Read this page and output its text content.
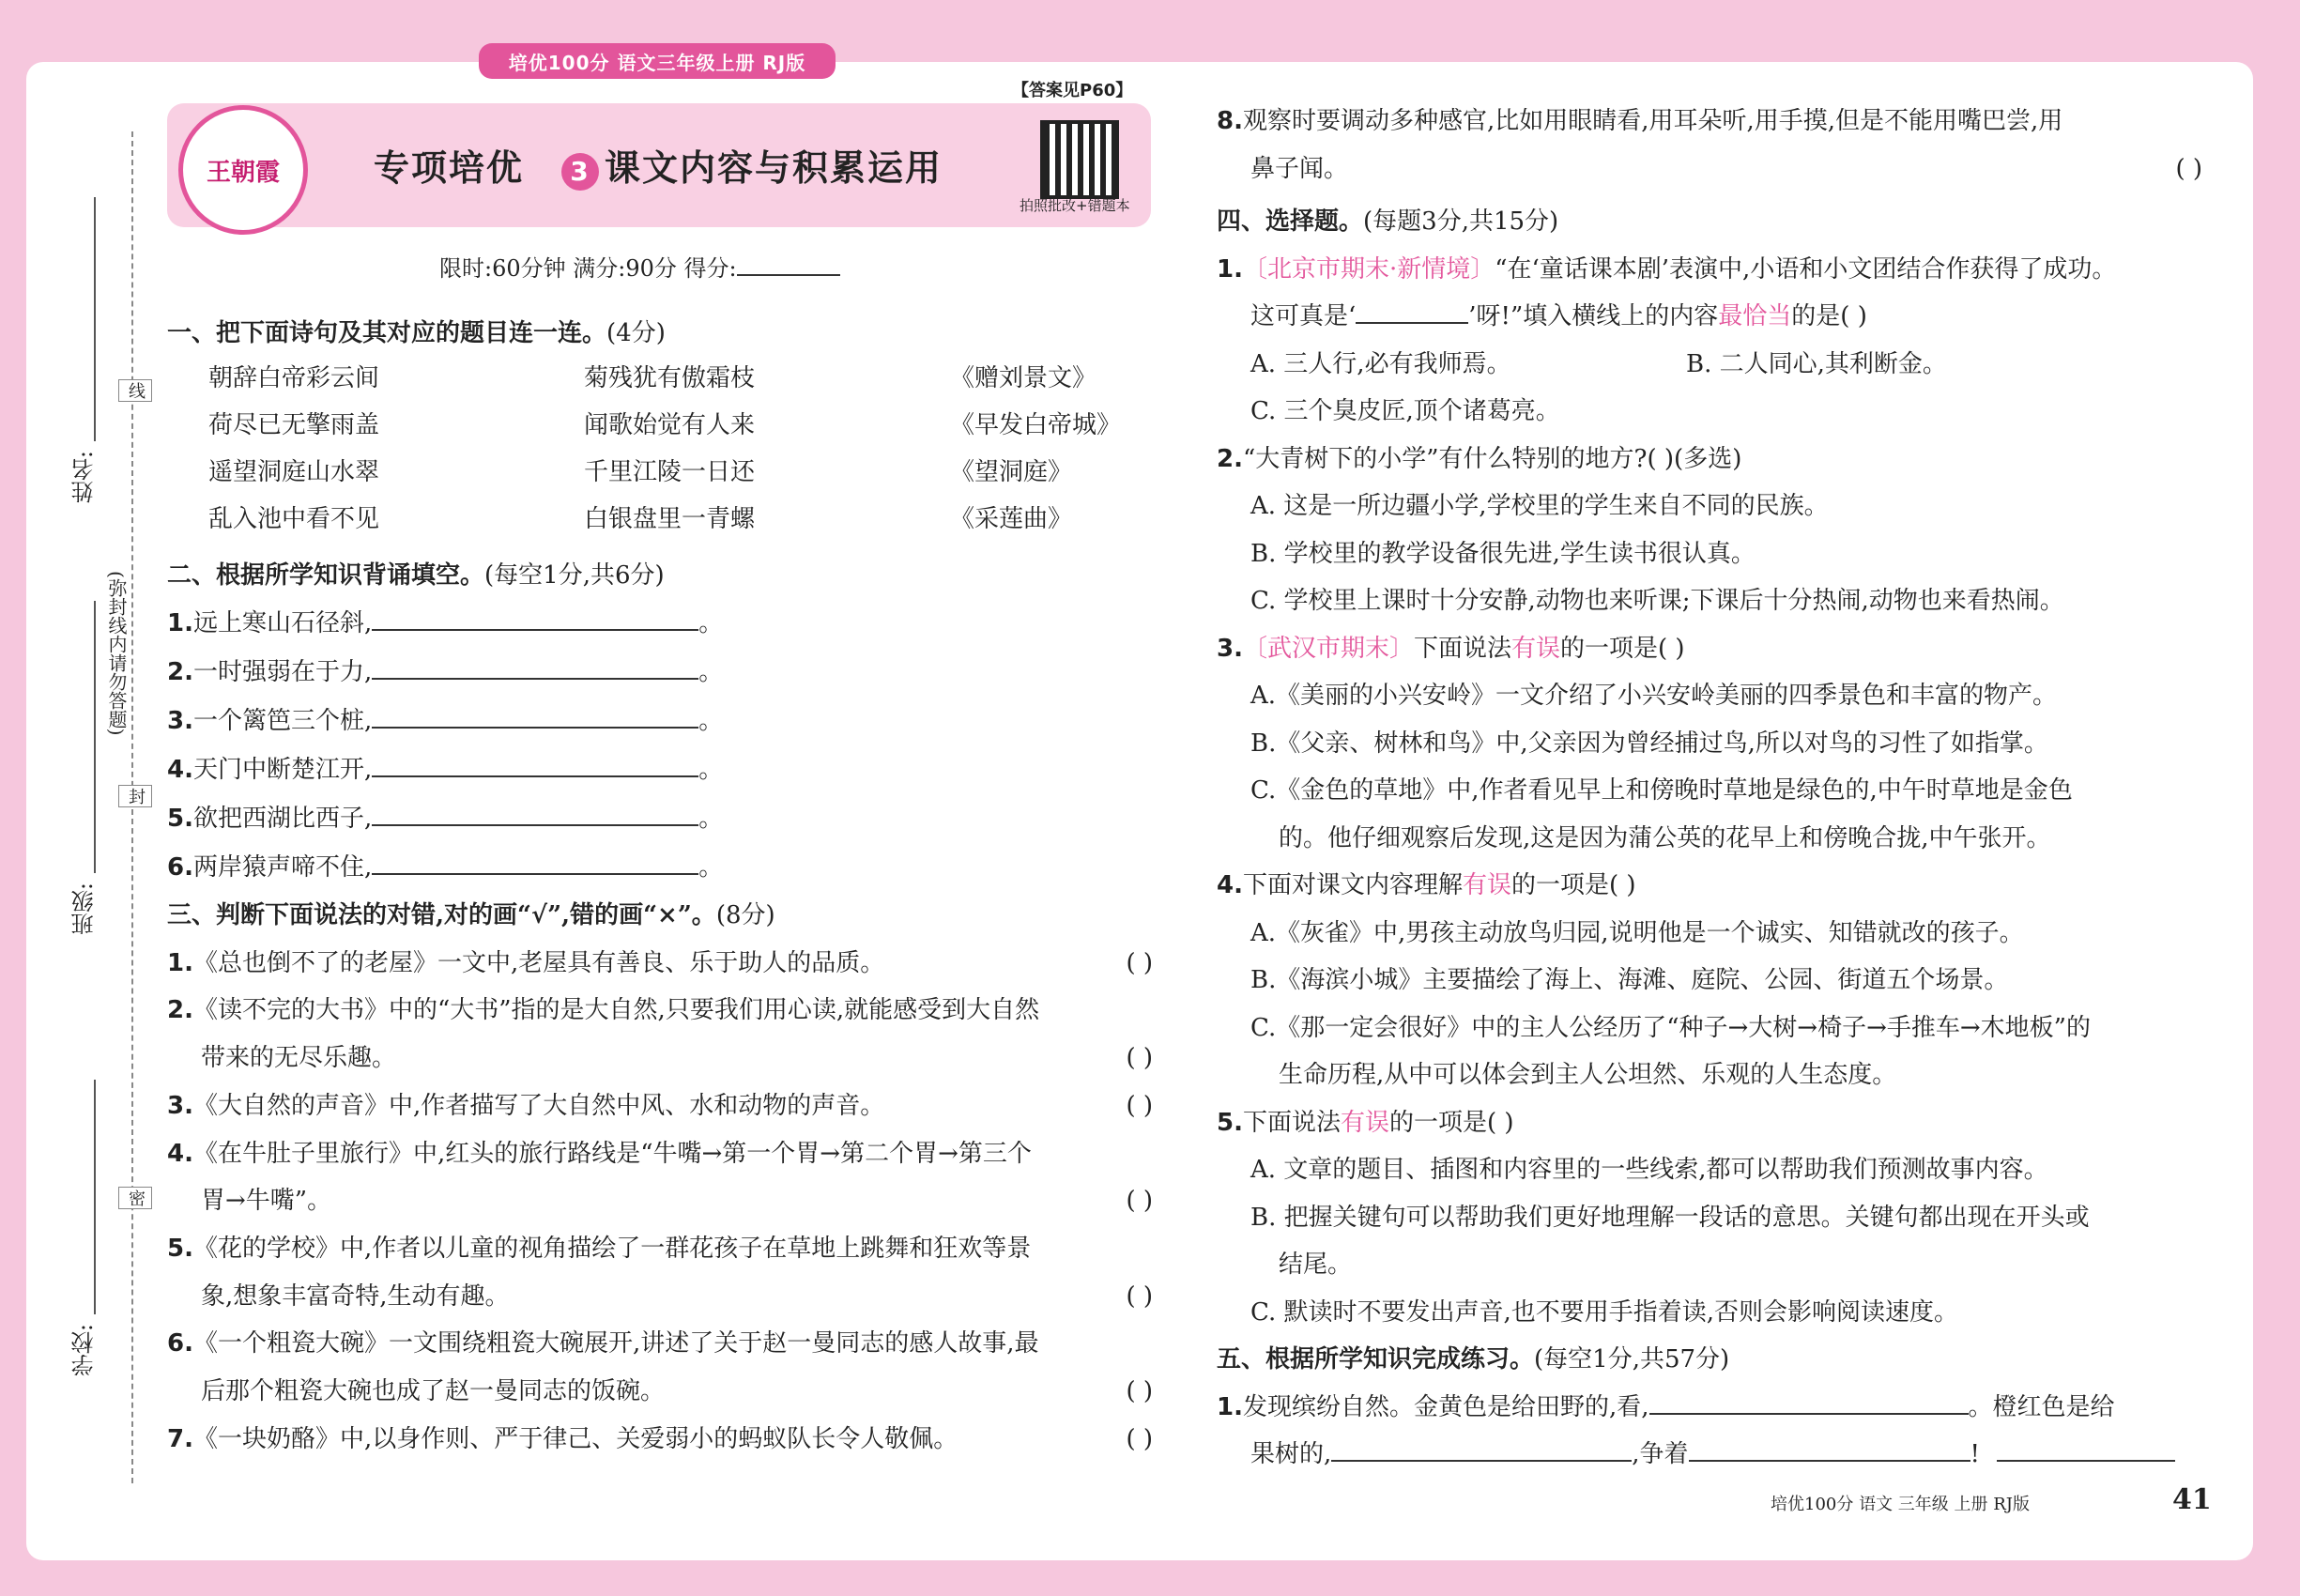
培优100分 语文三年级上册 RJ版
【答案见P60】
王朝霞	专项培优 3 课文内容与积累运用
拍照批改+错题本
限时:60分钟 满分:90分 得分:
姓名:
班级:
学校:
线
封
密
(弥封线内请勿答题)

一、把下面诗句及其对应的题目连一连。(4分)

朝辞白帝彩云间	菊残犹有傲霜枝	《赠刘景文》
荷尽已无擎雨盖	闻歌始觉有人来	《早发白帝城》
遥望洞庭山水翠	千里江陵一日还	《望洞庭》
乱入池中看不见	白银盘里一青螺	《采莲曲》

二、根据所学知识背诵填空。(每空1分,共6分)

1.远上寒山石径斜,	。

2.一时强弱在于力,	。

3.一个篱笆三个桩,	。

4.天门中断楚江开,	。

5.欲把西湖比西子,	。

6.两岸猿声啼不住,	。

三、判断下面说法的对错,对的画“√”,错的画“×”。(8分)

1.《总也倒不了的老屋》一文中,老屋具有善良、乐于助人的品质。	( )

2.《读不完的大书》中的“大书”指的是大自然,只要我们用心读,就能感受到大自然

带来的无尽乐趣。	( )

3.《大自然的声音》中,作者描写了大自然中风、水和动物的声音。	( )

4.《在牛肚子里旅行》中,红头的旅行路线是“牛嘴→第一个胃→第二个胃→第三个

胃→牛嘴”。	( )

5.《花的学校》中,作者以儿童的视角描绘了一群花孩子在草地上跳舞和狂欢等景

象,想象丰富奇特,生动有趣。	( )

6.《一个粗瓷大碗》一文围绕粗瓷大碗展开,讲述了关于赵一曼同志的感人故事,最

后那个粗瓷大碗也成了赵一曼同志的饭碗。	( )

7.《一块奶酪》中,以身作则、严于律己、关爱弱小的蚂蚁队长令人敬佩。	( )

8.观察时要调动多种感官,比如用眼睛看,用耳朵听,用手摸,但是不能用嘴巴尝,用

鼻子闻。	( )

四、选择题。(每题3分,共15分)

1.〔北京市期末·新情境〕“在‘童话课本剧’表演中,小语和小文团结合作获得了成功。

这可真是‘	’呀!”填入横线上的内容最恰当的是( )

A. 三人行,必有我师焉。	B. 二人同心,其利断金。

C. 三个臭皮匠,顶个诸葛亮。

2.“大青树下的小学”有什么特别的地方?( )(多选)

A. 这是一所边疆小学,学校里的学生来自不同的民族。

B. 学校里的教学设备很先进,学生读书很认真。

C. 学校里上课时十分安静,动物也来听课;下课后十分热闹,动物也来看热闹。

3.〔武汉市期末〕下面说法有误的一项是( )

A.《美丽的小兴安岭》一文介绍了小兴安岭美丽的四季景色和丰富的物产。

B.《父亲、树林和鸟》中,父亲因为曾经捕过鸟,所以对鸟的习性了如指掌。

C.《金色的草地》中,作者看见早上和傍晚时草地是绿色的,中午时草地是金色

的。他仔细观察后发现,这是因为蒲公英的花早上和傍晚合拢,中午张开。

4.下面对课文内容理解有误的一项是( )

A.《灰雀》中,男孩主动放鸟归园,说明他是一个诚实、知错就改的孩子。

B.《海滨小城》主要描绘了海上、海滩、庭院、公园、街道五个场景。

C.《那一定会很好》中的主人公经历了“种子→大树→椅子→手推车→木地板”的

生命历程,从中可以体会到主人公坦然、乐观的人生态度。

5.下面说法有误的一项是( )

A. 文章的题目、插图和内容里的一些线索,都可以帮助我们预测故事内容。

B. 把握关键句可以帮助我们更好地理解一段话的意思。关键句都出现在开头或

结尾。

C. 默读时不要发出声音,也不要用手指着读,否则会影响阅读速度。

五、根据所学知识完成练习。(每空1分,共57分)

1.发现缤纷自然。金黄色是给田野的,看,	。橙红色是给

果树的,	,争着	!

培优100分 语文 三年级 上册 RJ版	41
